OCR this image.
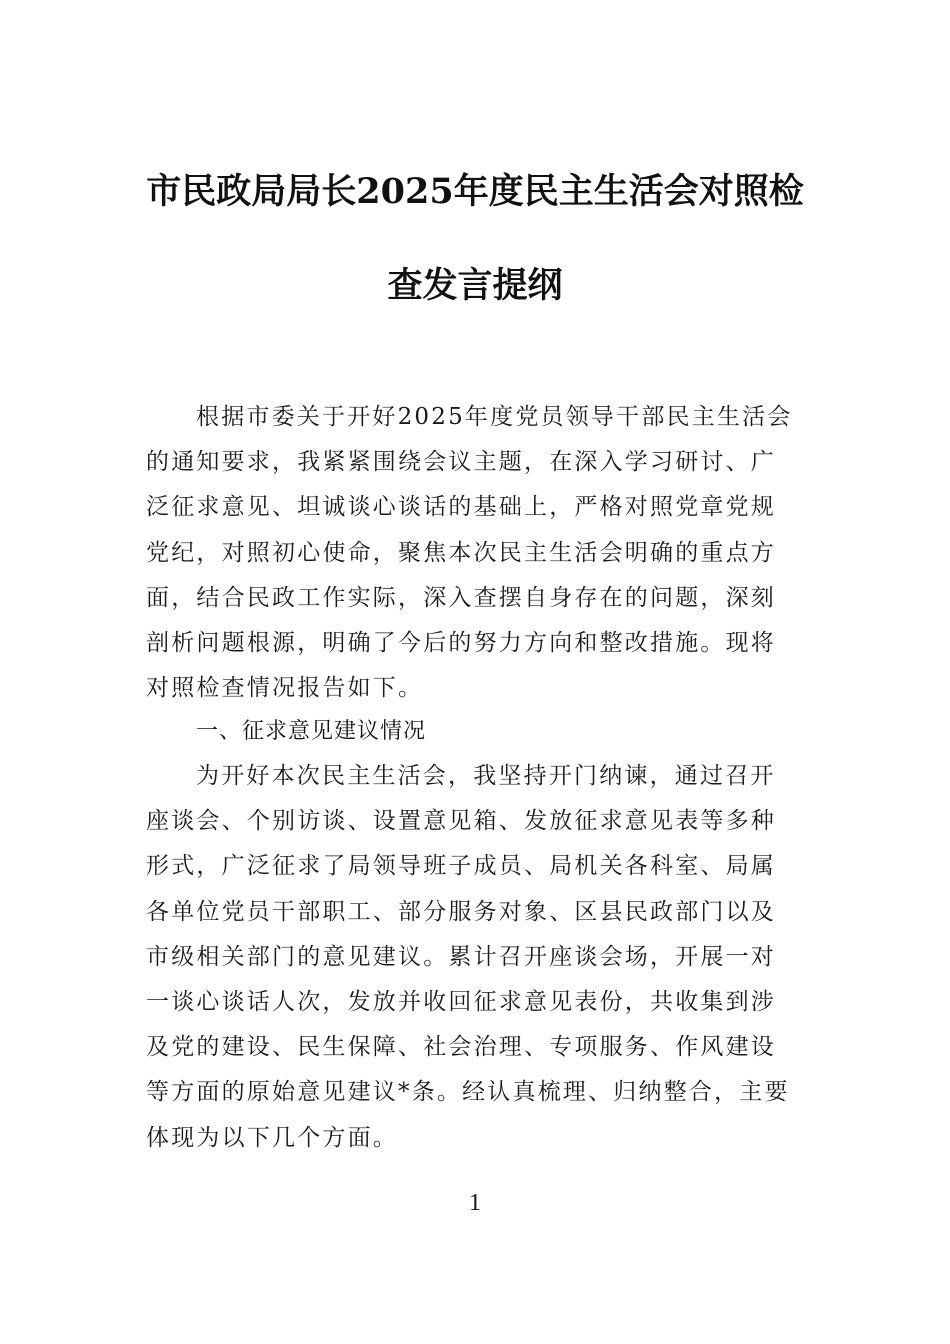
市民政局局长2025年度民主生活会对照检
查发言提纲
根据市委关于开好2025年度党员领导干部民主生活会
的通知要求，我紧紧围绕会议主题，在深入学习研讨、广
泛征求意见、坦诚谈心谈话的基础上，严格对照党章党规
党纪，对照初心使命，聚焦本次民主生活会明确的重点方
面，结合民政工作实际，深入查摆自身存在的问题，深刻
剖析问题根源，明确了今后的努力方向和整改措施。现将
对照检查情况报告如下。
一、征求意见建议情况
为开好本次民主生活会，我坚持开门纳谏，通过召开
座谈会、个别访谈、设置意见箱、发放征求意见表等多种
形式，广泛征求了局领导班子成员、局机关各科室、局属
各单位党员干部职工、部分服务对象、区县民政部门以及
市级相关部门的意见建议。累计召开座谈会场，开展一对
一谈心谈话人次，发放并收回征求意见表份，共收集到涉
及党的建设、民生保障、社会治理、专项服务、作风建设
等方面的原始意见建议*条。经认真梳理、归纳整合，主要
体现为以下几个方面。
1
